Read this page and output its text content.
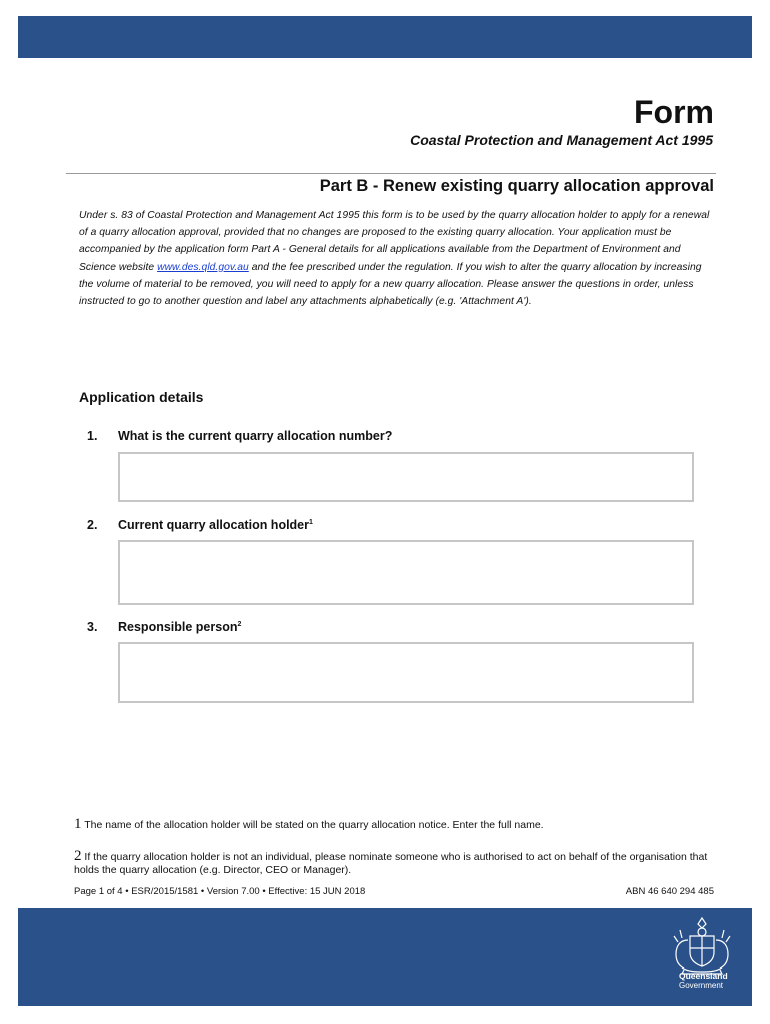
Form
Coastal Protection and Management Act 1995
Part B - Renew existing quarry allocation approval
Under s. 83 of Coastal Protection and Management Act 1995 this form is to be used by the quarry allocation holder to apply for a renewal of a quarry allocation approval, provided that no changes are proposed to the existing quarry allocation. Your application must be accompanied by the application form Part A - General details for all applications available from the Department of Environment and Science website www.des.qld.gov.au and the fee prescribed under the regulation. If you wish to alter the quarry allocation by increasing the volume of material to be removed, you will need to apply for a new quarry allocation. Please answer the questions in order, unless instructed to go to another question and label any attachments alphabetically (e.g. 'Attachment A').
Application details
1. What is the current quarry allocation number?
2. Current quarry allocation holder$^1$
3. Responsible person$^2$
1 The name of the allocation holder will be stated on the quarry allocation notice. Enter the full name.
2 If the quarry allocation holder is not an individual, please nominate someone who is authorised to act on behalf of the organisation that holds the quarry allocation (e.g. Director, CEO or Manager).
Page 1 of 4 • ESR/2015/1581 • Version 7.00 • Effective: 15 JUN 2018	ABN 46 640 294 485
Queensland
Government
